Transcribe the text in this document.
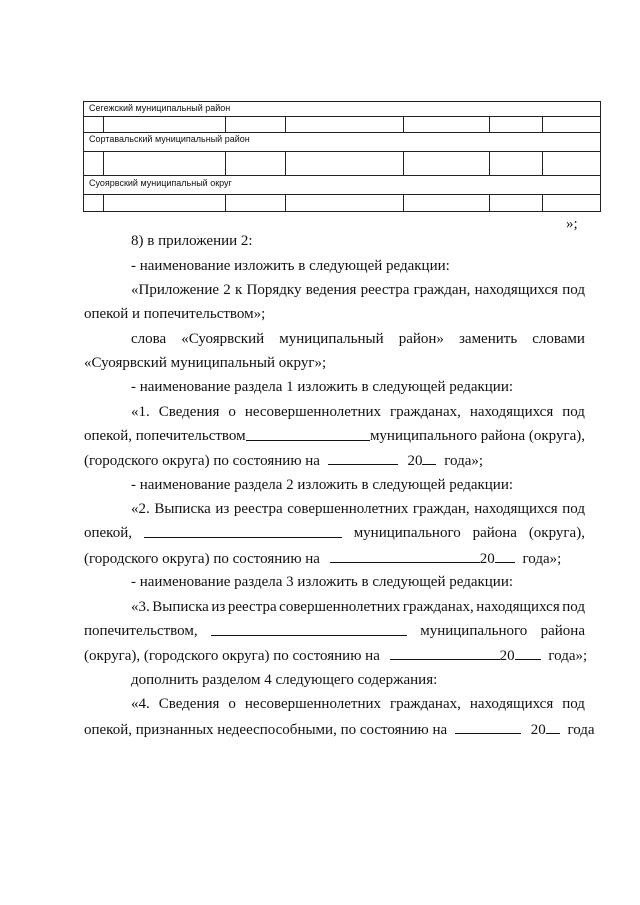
Сегежский муниципальный район
Сортавальский муниципальный район
Суоярвский муниципальный округ
»;
8) в приложении 2:
- наименование изложить в следующей редакции:
«Приложение 2 к Порядку ведения реестра граждан, находящихся под
опекой и попечительством»;
слова «Суоярвский муниципальный район» заменить словами
«Суоярвский муниципальный округ»;
- наименование раздела 1 изложить в следующей редакции:
«1. Сведения о несовершеннолетних гражданах, находящихся под
опекой, попечительством	муниципального района (округа),
(городского округа) по состоянию на	20 года»;
- наименование раздела 2 изложить в следующей редакции:
«2. Выписка из реестра совершеннолетних граждан, находящихся под
опекой,	муниципального района (округа),
(городского округа) по состоянию на	20 года»;
- наименование раздела 3 изложить в следующей редакции:
«3. Выписка из реестра совершеннолетних гражданах, находящихся под
попечительством,	муниципального района
(округа), (городского округа) по состоянию на	20 года»;
дополнить разделом 4 следующего содержания:
«4. Сведения о несовершеннолетних гражданах, находящихся под
опекой, признанных недееспособными, по состоянию на	20 года
